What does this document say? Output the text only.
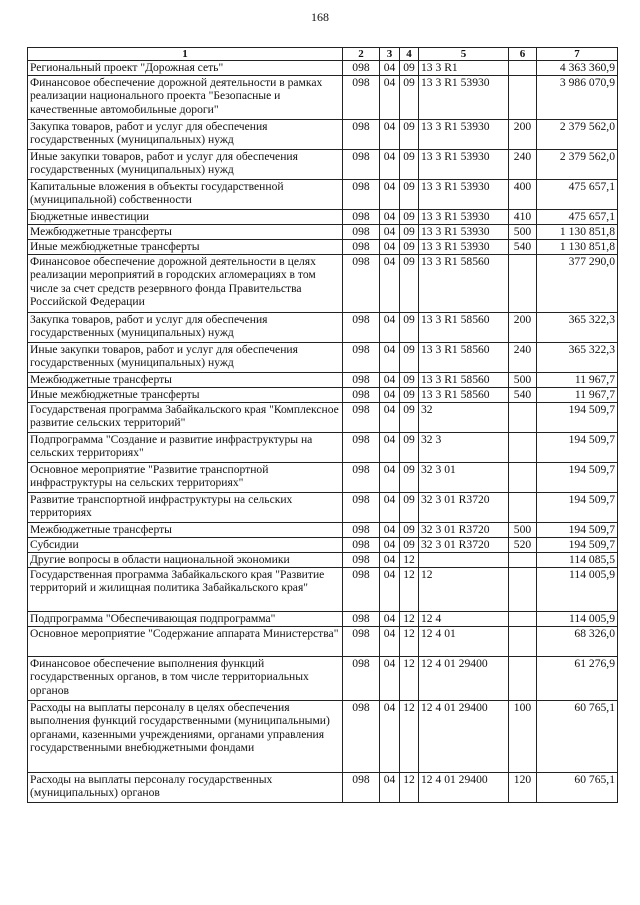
168
1	2	3	4	5	6	7
Региональный проект "Дорожная сеть"	098	04	09	13 3 R1		4 363 360,9
Финансовое обеспечение дорожной деятельности в рамках реализации национального проекта "Безопасные и качественные автомобильные дороги"	098	04	09	13 3 R1 53930		3 986 070,9
Закупка товаров, работ и услуг для обеспечения государственных (муниципальных) нужд	098	04	09	13 3 R1 53930	200	2 379 562,0
Иные закупки товаров, работ и услуг для обеспечения государственных (муниципальных) нужд	098	04	09	13 3 R1 53930	240	2 379 562,0
Капитальные вложения в объекты государственной (муниципальной) собственности	098	04	09	13 3 R1 53930	400	475 657,1
Бюджетные инвестиции	098	04	09	13 3 R1 53930	410	475 657,1
Межбюджетные трансферты	098	04	09	13 3 R1 53930	500	1 130 851,8
Иные межбюджетные трансферты	098	04	09	13 3 R1 53930	540	1 130 851,8
Финансовое обеспечение дорожной деятельности в целях реализации мероприятий в городских агломерациях в том числе за счет средств резервного фонда Правительства Российской Федерации	098	04	09	13 3 R1 58560		377 290,0
Закупка товаров, работ и услуг для обеспечения государственных (муниципальных) нужд	098	04	09	13 3 R1 58560	200	365 322,3
Иные закупки товаров, работ и услуг для обеспечения государственных (муниципальных) нужд	098	04	09	13 3 R1 58560	240	365 322,3
Межбюджетные трансферты	098	04	09	13 3 R1 58560	500	11 967,7
Иные межбюджетные трансферты	098	04	09	13 3 R1 58560	540	11 967,7
Государственая программа Забайкальского края "Комплексное развитие сельских территорий"	098	04	09	32		194 509,7
Подпрограмма "Создание и развитие инфраструктуры на сельских территориях"	098	04	09	32 3		194 509,7
Основное мероприятие "Развитие транспортной инфраструктуры на сельских территориях"	098	04	09	32 3 01		194 509,7
Развитие транспортной инфраструктуры на сельских территориях	098	04	09	32 3 01 R3720		194 509,7
Межбюджетные трансферты	098	04	09	32 3 01 R3720	500	194 509,7
Субсидии	098	04	09	32 3 01 R3720	520	194 509,7
Другие вопросы в области национальной экономики	098	04	12			114 085,5
Государственная программа Забайкальского края "Развитие территорий и жилищная политика Забайкальского края"	098	04	12	12		114 005,9
Подпрограмма "Обеспечивающая подпрограмма"	098	04	12	12 4		114 005,9
Основное мероприятие "Содержание аппарата Министерства"	098	04	12	12 4 01		68 326,0
Финансовое обеспечение выполнения функций государственных органов, в том числе территориальных органов	098	04	12	12 4 01 29400		61 276,9
Расходы на выплаты персоналу в целях обеспечения выполнения функций государственными (муниципальными) органами, казенными учреждениями, органами управления государственными внебюджетными фондами	098	04	12	12 4 01 29400	100	60 765,1
Расходы на выплаты персоналу государственных (муниципальных) органов	098	04	12	12 4 01 29400	120	60 765,1
